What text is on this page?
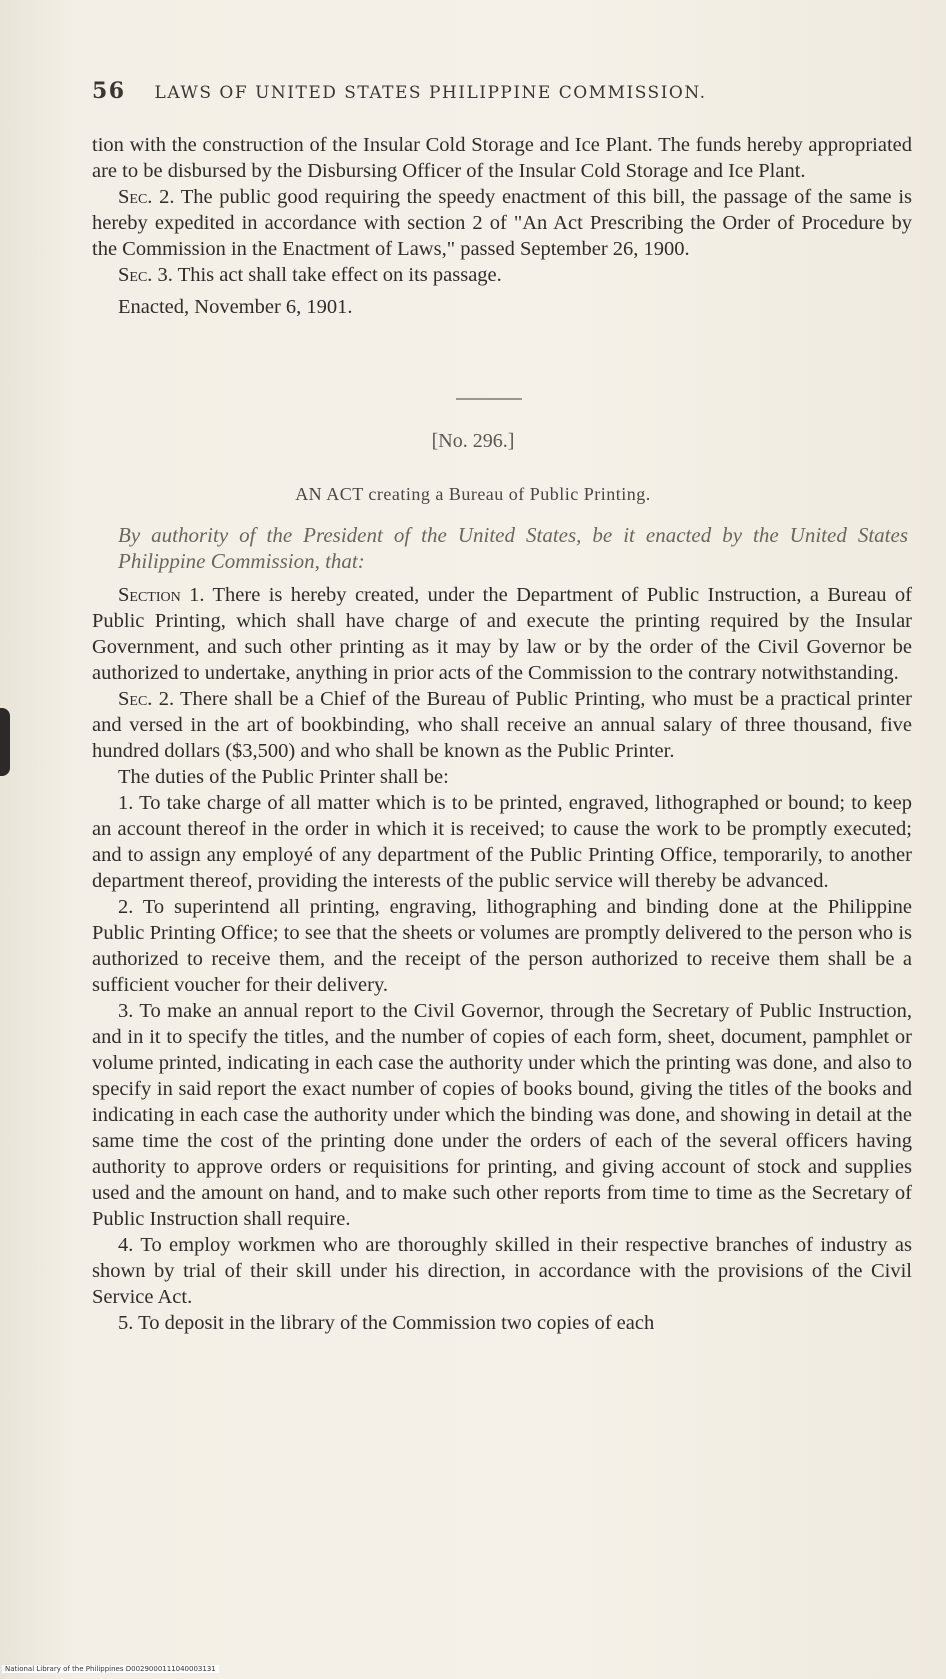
56 LAWS OF UNITED STATES PHILIPPINE COMMISSION.

tion with the construction of the Insular Cold Storage and Ice Plant. The funds hereby appropriated are to be disbursed by the Disbursing Officer of the Insular Cold Storage and Ice Plant.

Sec. 2. The public good requiring the speedy enactment of this bill, the passage of the same is hereby expedited in accordance with section 2 of "An Act Prescribing the Order of Procedure by the Commission in the Enactment of Laws," passed September 26, 1900.

Sec. 3. This act shall take effect on its passage.

Enacted, November 6, 1901.

[No. 296.]
AN ACT creating a Bureau of Public Printing.
By authority of the President of the United States, be it enacted by the United States Philippine Commission, that:

Section 1. There is hereby created, under the Department of Public Instruction, a Bureau of Public Printing, which shall have charge of and execute the printing required by the Insular Government, and such other printing as it may by law or by the order of the Civil Governor be authorized to undertake, anything in prior acts of the Commission to the contrary notwithstanding.

Sec. 2. There shall be a Chief of the Bureau of Public Printing, who must be a practical printer and versed in the art of bookbinding, who shall receive an annual salary of three thousand, five hundred dollars ($3,500) and who shall be known as the Public Printer.

The duties of the Public Printer shall be:

1. To take charge of all matter which is to be printed, engraved, lithographed or bound; to keep an account thereof in the order in which it is received; to cause the work to be promptly executed; and to assign any employé of any department of the Public Printing Office, temporarily, to another department thereof, providing the interests of the public service will thereby be advanced.

2. To superintend all printing, engraving, lithographing and binding done at the Philippine Public Printing Office; to see that the sheets or volumes are promptly delivered to the person who is authorized to receive them, and the receipt of the person authorized to receive them shall be a sufficient voucher for their delivery.

3. To make an annual report to the Civil Governor, through the Secretary of Public Instruction, and in it to specify the titles, and the number of copies of each form, sheet, document, pamphlet or volume printed, indicating in each case the authority under which the printing was done, and also to specify in said report the exact number of copies of books bound, giving the titles of the books and indicating in each case the authority under which the binding was done, and showing in detail at the same time the cost of the printing done under the orders of each of the several officers having authority to approve orders or requisitions for printing, and giving account of stock and supplies used and the amount on hand, and to make such other reports from time to time as the Secretary of Public Instruction shall require.

4. To employ workmen who are thoroughly skilled in their respective branches of industry as shown by trial of their skill under his direction, in accordance with the provisions of the Civil Service Act.

5. To deposit in the library of the Commission two copies of each

National Library of the Philippines D0029000111040003131
